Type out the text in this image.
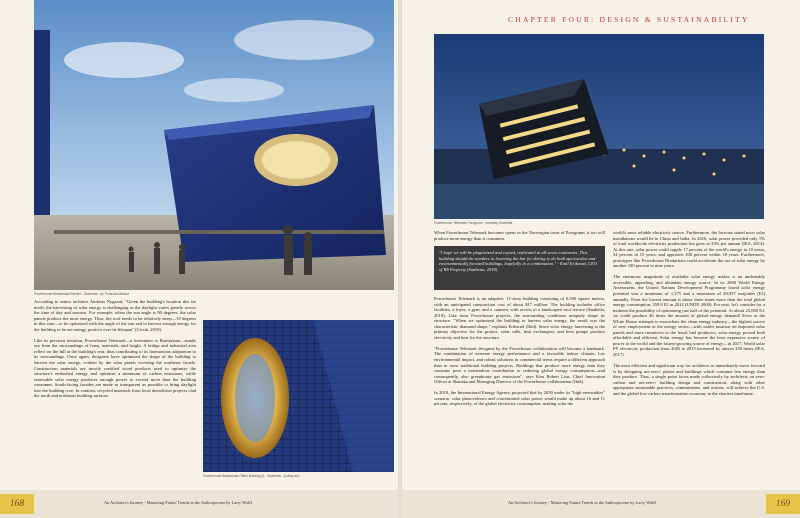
Powerhouse Brattørkaia Render - Snøhetta - by Porta Anwändad

According to senior architect Andreas Nygaard, "Given the building's location this far north, the harvesting of solar energy is challenging as the daylight varies greatly across the time of day and seasons. For example, when the sun angle is 90 degrees, the solar panels produce the most energy. Thus, the roof needs to be relatively steep—19 degrees in this case—to be optimized with the angle of the sun and to harvest enough energy for the building to be net-energy positive over its lifespan" (Crook, 2019).

Like its previous iteration, Powerhouse Telemark—a forerunner to Brattørkaia—stands out from the surroundings of form, materials, and height. A bridge and industrial area reflect on the hill at the building's rear, thus contributing to its harmonious adaptation to its surroundings. Once again, designers have optimized the shape of the building to harvest the solar energy, evident by the solar panels covering the southeast facade. Construction materials are mostly certified wood products used to optimize the structure's embodied energy and optimize a minimum of carbon emissions, while renewable solar energy produces enough power to exceed more than the building consumes. South-facing facades are made as transparent as possible to bring daylight into the building core. In contrast, recycled materials from local demolition projects clad the north and northeast building surfaces.

Powerhouse Brattørkaia Office Building (i) - Snøhetta - (Lobby art)
CHAPTER FOUR: DESIGN & SUSTAINABILITY
Powerhouse Telemark Porsgrunn - courtesy Snøhetta

When Powerhouse Telemark becomes opens in the Norwegian town of Porsgrunn, it too will produce more energy than it consumes.

"I hope we will be plagiarized and copied, replicated in all seven continents. This building should do wonders in lowering the bar for daring to do both spectacular and environmentally forward buildings, hopefully in a combination." - Emil Eriksrød, CEO of R8 Property (Snøhetta, 2019).

Powerhouse Telemark is an adaptive, 11-story building consisting of 6,500 square meters, with an anticipated construction cost of about $17 million. The building includes office facilities, a foyer, a gym, and a canteen, with access to a landscaped roof terrace (Snøhetta, 2019). Like most Powerhouse projects, the surrounding conditions uniquely shape its structure. "When we optimized the building to harvest solar energy, the result was the characteristic diamond shape," explains Eriksrød (Ibid). Since solar energy harvesting is the primary objective for the project, solar cells, heat exchangers, and heat pumps produce electricity and heat for the structure.

"Powerhouse Telemark designed by the Powerhouse collaboration will become a landmark. The combination of extreme energy performance and a favorable indoor climate, low environmental impact, and robust solutions in commercial terms require a different approach than in most traditional building projects. Buildings that produce more energy than they consume pose a tremendous contribution to reducing global energy consumption—and consequently, also greenhouse gas emissions", says Kim Robert Lisø, Chief Innovation Officer at Skanska and Managing Director of the Powerhouse collaboration (Ibid).

In 2018, the International Energy Agency projected that by 2050 under its "high renewables" scenario, solar photovoltaics and concentrated solar power would make up about 16 and 11 percent, respectively, of the global electricity consumption, making solar the

world's most reliable electricity source. Furthermore, the forecast stated most solar installations would be in China and India. In 2016, solar power provided only 1% of total worldwide electricity production but grew at 33% per annum (IEA, 2014). At this rate, solar power could supply 17 percent of the world's energy in 10 years, 34 percent in 15 years, and approach 100 percent within 18 years. Furthermore, prototypes like Powerhouse Brattørkaia could accelerate the use of solar energy by another 100 percent in nine years.

The enormous magnitude of available solar energy makes it an undeniably accessible, appealing, and abundant energy source. In its 2000 World Energy Assessment, the United Nations Development Programme found solar energy potential was a minimum of 1,575 and a maximum of 49,837 exajoules (EJ) annually. Even the lowest amount is about three times more than the total global energy consumption, 559.8 EJ in 2012 (UNDP, 2000). For now, let's consider for a moment the possibility of optimizing just half of the potential. At about 25,000 EJ, we could produce 46 times the amount of global energy demand! Even as the White House attempts to exacerbate the clean energy industry—the highest source of new employment in the energy sector—with unfair taxation on imported solar panels and more incentives to the fossil fuel producers, solar energy proved both affordable and efficient. Solar energy has become the least expensive source of power in the world and the fastest-growing source of energy—in 2017, World solar PV electricity production from 2005 to 2015 increased by almost 250 times (IEA, 2017).

The most effective and significant way for architects to immediately move forward is by designing net-zero+ places and buildings which consume less energy than they produce. Thus, a single point focus made collectively by architects on zero-carbon and net-zero+ building design and construction, along with other appropriate sustainable practices, commitments, and actions, will achieve the U.S. and the global low-carbon transformation economy in the shortest timeframe.

168	169
An Architect's Journey - Mastering Future Trends in the Anthropocene by Larry Wolff	An Architect's Journey - Mastering Future Trends in the Anthropocene by Larry Wolff
